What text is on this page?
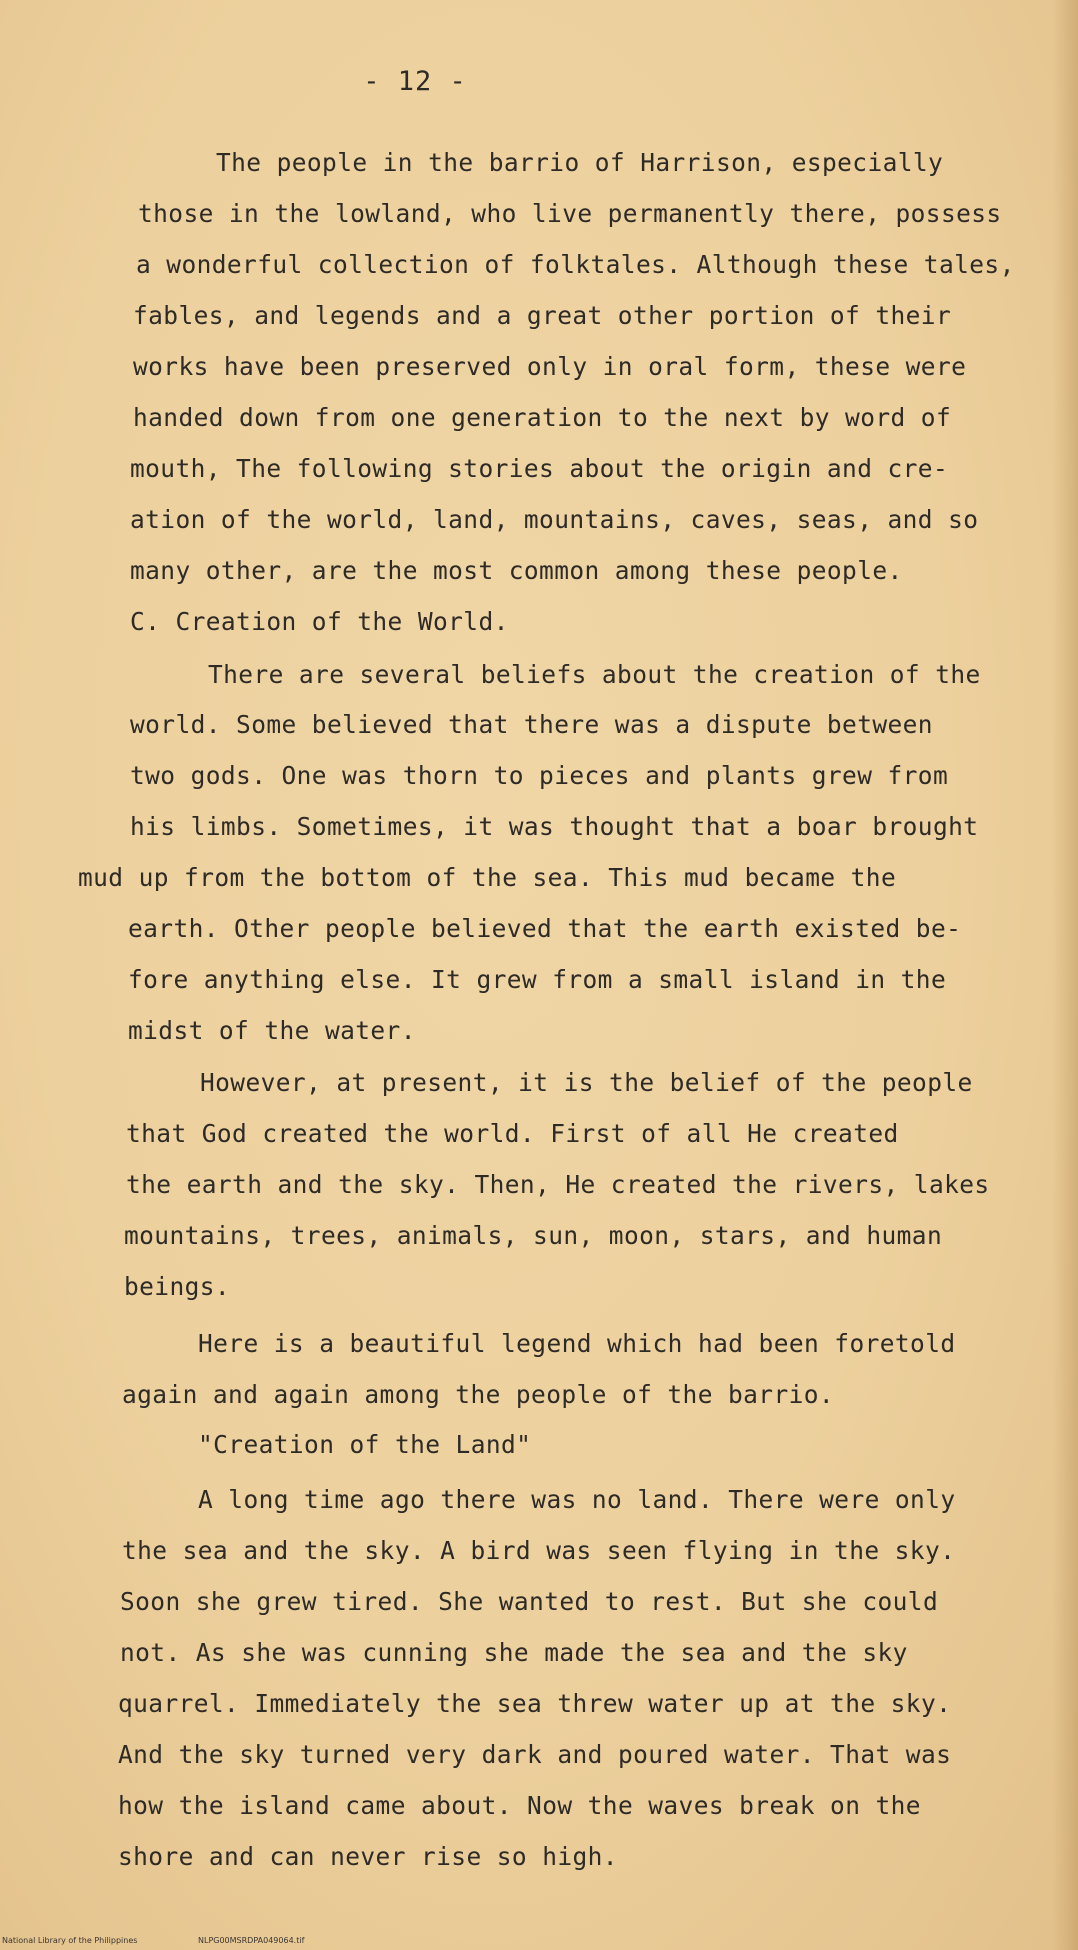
- 12 -
The people in the barrio of Harrison, especially
those in the lowland, who live permanently there, possess
a wonderful collection of folktales. Although these tales,
fables, and legends and a great other portion of their
works have been preserved only in oral form, these were
handed down from one generation to the next by word of
mouth, The following stories about the origin and cre-
ation of the world, land, mountains, caves, seas, and so
many other, are the most common among these people.
C. Creation of the World.
There are several beliefs about the creation of the
world. Some believed that there was a dispute between
two gods. One was thorn to pieces and plants grew from
his limbs. Sometimes, it was thought that a boar brought
mud up from the bottom of the sea. This mud became the
earth. Other people believed that the earth existed be-
fore anything else. It grew from a small island in the
midst of the water.
However, at present, it is the belief of the people
that God created the world. First of all He created
the earth and the sky. Then, He created the rivers, lakes
mountains, trees, animals, sun, moon, stars, and human
beings.
Here is a beautiful legend which had been foretold
again and again among the people of the barrio.
"Creation of the Land"
A long time ago there was no land. There were only
the sea and the sky. A bird was seen flying in the sky.
Soon she grew tired. She wanted to rest. But she could
not. As she was cunning she made the sea and the sky
quarrel. Immediately the sea threw water up at the sky.
And the sky turned very dark and poured water. That was
how the island came about. Now the waves break on the
shore and can never rise so high.
National Library of the Philippines	NLPG00MSRDPA049064.tif
